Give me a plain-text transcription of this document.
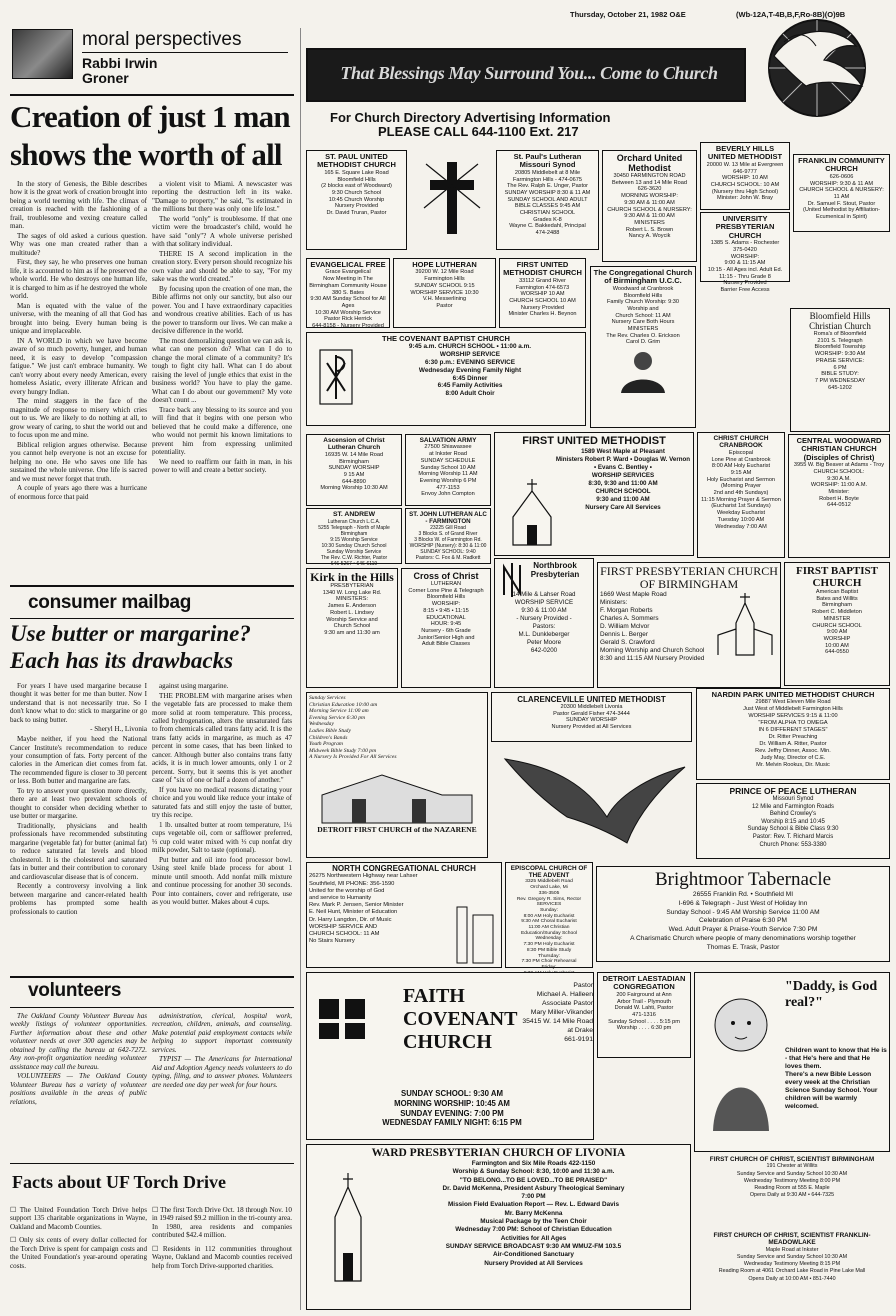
Thursday, October 21, 1982 O&E	(Wb-12A,T-4B,B,F,Ro-8B)(O)9B
moral perspectives
Rabbi Irwin
Groner
Creation of just 1 man
shows the worth of all

In the story of Genesis, the Bible describes how it is the great work of creation brought into being a world teeming with life. The climax of creation is reached with the fashioning of a frail, troublesome and vexing creature called man.

The sages of old asked a curious question. Why was one man created rather than a multitude?

First, they say, he who preserves one human life, it is accounted to him as if he preserved the whole world. He who destroys one human life, it is charged to him as if he destroyed the whole world.

Man is equated with the value of the universe, with the meaning of all that God has brought into being. Every human being is unique and irreplaceable.

IN A WORLD in which we have become aware of so much poverty, hunger, and human need, it is easy to develop "compassion fatigue." We just can't embrace humanity. We can't worry about every needy American, every homeless Asiatic, every illiterate African and every hungry Indian.

The mind staggers in the face of the magnitude of response to misery which cries out to us. We are likely to do nothing at all, to grow weary of caring, to shut the world out and to focus upon me and mine.

Biblical religion argues otherwise. Because you cannot help everyone is not an excuse for helping no one. He who saves one life has sustained the whole universe. One life is sacred and we must never forget that truth.

A couple of years ago there was a hurricane of enormous force that paid

a violent visit to Miami. A newscaster was reporting the destruction left in its wake. "Damage to property," he said, "is estimated in the millions but there was only one life lost."

The world "only" is troublesome. If that one victim were the broadcaster's child, would he have said "only"? A whole universe perished with that solitary individual.

THERE IS A second implication in the creation story. Every person should recognize his own value and should be able to say, "For my sake was the world created."

By focusing upon the creation of one man, the Bible affirms not only our sanctity, but also our power. You and I have extraordinary capacities and wondrous creative abilities. Each of us has the power to transform our lives. We can make a decisive difference in the world.

The most demoralizing question we can ask is, what can one person do? What can I do to change the moral climate of a community? It's tough to fight city hall. What can I do about raising the level of jungle ethics that exist in the business world? You have to play the game. What can I do about our government? My vote doesn't count ...

Trace back any blessing to its source and you will find that it begins with one person who believed that he could make a difference, one who would not permit his known limitations to prevent him from expressing unlimited potentiality.

We need to reaffirm our faith in man, in his power to will and create a better society.

consumer mailbag
Use butter or margarine?
Each has its drawbacks

For years I have used margarine because I thought it was better for me than butter. Now I understand that is not necessarily true. So I don't know what to do: stick to margarine or go back to using butter.

- Sheryl H., Livonia

Maybe neither, if you heed the National Cancer Institute's recommendation to reduce your consumption of fats. Forty percent of the calories in the American diet comes from fat. The recommended figure is closer to 30 percent or less. Both butter and margarine are fats.

To try to answer your question more directly, there are at least two prevalent schools of thought to consider when deciding whether to use butter or margarine.

Traditionally, physicians and health professionals have recommended substituting margarine (vegetable fat) for butter (animal fat) to reduce saturated fat levels and blood cholesterol. It is the cholesterol and saturated fats in butter and their contribution to coronary and cardiovascular disease that is of concern.

Recently a controversy involving a link between margarine and cancer-related health problems has prompted some health professionals to caution

against using margarine.

THE PROBLEM with margarine arises when the vegetable fats are processed to make them more solid at room temperature. This process, called hydrogenation, alters the unsaturated fats to from chemicals called trans fatty acid. It is the trans fatty acids in margarine, as much as 47 percent in some cases, that has been linked to cancer. Although butter also contains trans fatty acids, it is in much lower amounts, only 1 or 2 percent. Sorry, but it seems this is yet another case of "six of one or half a dozen of another."

If you have no medical reasons dictating your choice and you would like reduce your intake of saturated fats and still enjoy the taste of butter, try this recipe.

1 lb. unsalted butter at room temperature, 1¼ cups vegetable oil, corn or safflower preferred, ⅓ cup cold water mixed with ⅓ cup nonfat dry milk powder, Salt to taste (optional).

Put butter and oil into food processor bowl. Using steel knife blade process for about 1 minute until smooth. Add nonfat milk mixture and continue processing for another 30 seconds. Pour into containers, cover and refrigerate, use as you would butter. Makes about 4 cups.

volunteers

The Oakland County Volunteer Bureau has weekly listings of volunteer opportunities. Further information about these and other volunteer needs at over 300 agencies may be obtained by calling the bureau at 642-7272. Any non-profit organization needing volunteer assistance may call the bureau.

VOLUNTEERS — The Oakland County Volunteer Bureau has a variety of volunteer positions available in the areas of public relations,

administration, clerical, hospital work, recreation, children, animals, and counseling. Make potential paid employment contacts while helping to support important community services.

TYPIST — The Americans for International Aid and Adoption Agency needs volunteers to do typing, filing, and to answer phones. Volunteers are needed one day per week for four hours.

Facts about UF Torch Drive

☐ The United Foundation Torch Drive helps support 135 charitable organizations in Wayne, Oakland and Macomb Counties.

☐ Only six cents of every dollar collected for the Torch Drive is spent for campaign costs and the United Foundation's year-around operating costs.

☐ The first Torch Drive Oct. 18 through Nov. 10 in 1949 raised $9.2 million in the tri-county area. In 1980, area residents and companies contributed $42.4 million.

☐ Residents in 112 communities throughout Wayne, Oakland and Macomb counties received help from Torch Drive-supported charities.

That Blessings May Surround You... Come to Church
For Church Directory Advertising Information
PLEASE CALL 644-1100 Ext. 217
ST. PAUL UNITED METHODIST CHURCH
165 E. Square Lake Road
Bloomfield Hills
(2 blocks east of Woodward)
9:30 Church School
10:45 Church Worship
Nursery Provided
Dr. David Truran, Pastor
St. Paul's Lutheran Missouri Synod
20805 Middlebelt at 8 Mile
Farmington Hills - 474-0675
The Rev. Ralph E. Unger, Pastor
SUNDAY WORSHIP 8:30 & 11 AM
SUNDAY SCHOOL AND ADULT
BIBLE CLASSES 9:45 AM
CHRISTIAN SCHOOL
Grades K-8
Wayne C. Bakkedahl, Principal
474-2488
Orchard United Methodist
30450 FARMINGTON ROAD
Between 13 and 14 Mile Road
626-3620
MORNING WORSHIP:
9:30 AM & 11:00 AM
CHURCH SCHOOL & NURSERY:
9:30 AM & 11:00 AM
MINISTERS
Robert L. S. Brown
Nancy A. Woycik
BEVERLY HILLS UNITED METHODIST
20000 W. 13 Mile at Evergreen
646-9777
WORSHIP: 10 AM
CHURCH SCHOOL: 10 AM
(Nursery thru High School)
Minister: John W. Bray
FRANKLIN COMMUNITY CHURCH
626-0606
WORSHIP: 9:30 & 11 AM
CHURCH SCHOOL & NURSERY: 11 AM
Dr. Samuel F. Stout, Pastor
(United Methodist by Affiliation- Ecumenical in Spirit)
UNIVERSITY PRESBYTERIAN CHURCH
1385 S. Adams - Rochester
375-0420
WORSHIP:
9:00 & 11:15 AM
10:15 - All Ages incl. Adult Ed.
11:15 - Thru Grade 8
Nursery Provided
Barrier Free Access
EVANGELICAL FREE
Grace Evangelical
Now Meeting in The
Birmingham Community House
380 S. Bates
9:30 AM Sunday School for All Ages
10:30 AM Worship Service
Pastor Rick Herrick
644-8158 - Nursery Provided
HOPE LUTHERAN
39200 W. 12 Mile Road
Farmington Hills
SUNDAY SCHOOL 9:15
WORSHIP SERVICE 10:30
V.H. Messerlining
Pastor
FIRST UNITED METHODIST CHURCH
33112 Grand River
Farmington 474-6573
WORSHIP 10 AM
CHURCH SCHOOL 10 AM
Nursery Provided
Minister Charles H. Beynon
The Congregational Church of Birmingham U.C.C.
Woodward at Cranbrook
Bloomfield Hills
Family Church Worship: 9:30
Worship and
Church School: 11 AM
Nursery Care Both Hours
MINISTERS
The Rev. Charles O. Erickson
Carol D. Grim
Bloomfield Hills Christian Church
Roma's of Bloomfield
2101 S. Telegraph
Bloomfield Township
WORSHIP: 9:30 AM
PRAISE SERVICE:
6 PM
BIBLE STUDY:
7 PM WEDNESDAY
645-1202
THE COVENANT BAPTIST CHURCH
9:45 a.m. CHURCH SCHOOL • 11:00 a.m.
WORSHIP SERVICE
6:30 p.m.: EVENING SERVICE
Wednesday Evening Family Night
6:45 Dinner
6:45 Family Activities
8:00 Adult Choir
Ascension of Christ Lutheran Church
16935 W. 14 Mile Road
Birmingham
SUNDAY WORSHIP
9 15 AM
644-8890
Morning Worship 10:30 AM
SALVATION ARMY
27500 Shiawassee
at Inkster Road
SUNDAY SCHEDULE
Sunday School 10 AM
Morning Worship 11 AM
Evening Worship 6 PM
477-1153
Envoy John Compton
FIRST UNITED METHODIST
1589 West Maple at Pleasant
Ministers Robert P. Ward • Douglas W. Vernon
• Evans C. Bentley •
WORSHIP SERVICES
8:30, 9:30 and 11:00 AM
CHURCH SCHOOL
9:30 and 11:00 AM
Nursery Care All Services
CHRIST CHURCH CRANBROOK
Episcopal
Lone Pine at Cranbrook
8:00 AM Holy Eucharist
9:15 AM
Holy Eucharist and Sermon
(Morning Prayer
2nd and 4th Sundays)
11:15 Morning Prayer & Sermon
(Eucharist 1st Sundays)
Weekday Eucharist
Tuesday 10:00 AM
Wednesday 7:00 AM
CENTRAL WOODWARD CHRISTIAN CHURCH (Disciples of Christ)
3955 W. Big Beaver at Adams - Troy
CHURCH SCHOOL:
9:30 A.M.
WORSHIP: 11:00 A.M.
Minister:
Robert H. Boyte
644-0512
ST. ANDREW
Lutheran Church L.C.A.
5255 Telegraph - North of Maple
Birmingham
9:15 Worship Service
10:30 Sunday Church School
Sunday Worship Service
The Rev. C.W. Richter, Pastor
646-5267 • 646-6119
ST. JOHN LUTHERAN ALC - FARMINGTON
23225 Gill Road
3 Blocks S. of Grand River
3 Blocks W. of Farmington Rd.
WORSHIP (Nursery): 8:30 & 11:00
SUNDAY SCHOOL: 9:40
Pastors: C. Fox & M. Radkett
Kirk in the Hills
PRESBYTERIAN
1340 W. Long Lake Rd.
MINISTERS:
James E. Anderson
Robert L. Lindsey
Worship Service and
Church School
9:30 am and 11:30 am
Cross of Christ
LUTHERAN
Corner Lone Pine & Telegraph
Bloomfield Hills
WORSHIP:
8:15 • 9:45 • 11:15
EDUCATIONAL
HOUR: 9:45
Nursery - 6th Grade
Junior/Senior High and
Adult Bible Classes
Northbrook Presbyterian
14 Mile & Lahser Road
WORSHIP SERVICE
9:30 & 11:00 AM
- Nursery Provided -
Pastors:
M.L. Dunkleberger
Peter Moore
642-0200
FIRST PRESBYTERIAN CHURCH OF BIRMINGHAM
1669 West Maple Road
Ministers:
F. Morgan Roberts
Charles A. Sommers
D. William Mclvor
Dennis L. Berger
Gerald S. Crawford
Morning Worship and Church School
8:30 and 11:15 AM Nursery Provided
FIRST BAPTIST CHURCH
American Baptist
Bates and Willits
Birmingham
Robert C. Middleton
MINISTER
CHURCH SCHOOL
9:00 AM
WORSHIP
10:00 AM
644-0550
Sunday Services
Christian Education 10:00 am
Morning Service 11:00 am
Evening Service 6:30 pm
Wednesday
Ladies Bible Study
Children's Bands
Youth Program
Midweek Bible Study 7:00 pm
A Nursery Is Provided For All Services
DETROIT FIRST CHURCH of the NAZARENE
CLARENCEVILLE UNITED METHODIST
20300 Middlebelt Livonia
Pastor Gerald Fisher 474-3444
SUNDAY WORSHIP
Nursery Provided at All Services
NARDIN PARK UNITED METHODIST CHURCH
29887 West Eleven Mile Road
Just West of Middlebelt Farmington Hills
WORSHIP SERVICES 9:15 & 11:00
"FROM ALPHA TO OMEGA
IN 6 DIFFERENT STAGES"
Dr. Ritter Preaching
Dr. William A. Ritter, Pastor
Rev. Jeffry Dinner, Assoc. Min.
Judy May, Director of C.E.
Mr. Melvin Rookus, Dir. Music
PRINCE OF PEACE LUTHERAN
Missouri Synod
12 Mile and Farmington Roads
Behind Crowley's
Worship 8:15 and 10:45
Sunday School & Bible Class 9:30
Pastor: Rev. T. Richard Marcis
Church Phone: 553-3380
NORTH CONGREGATIONAL CHURCH
26275 Northwestern Highway near Lahser
Southfield, MI PHONE: 356-1590
United for the worship of God
and service to Humanity
Rev. Mark P. Jensen, Senior Minister
E. Neil Hunt, Minister of Education
Dr. Harry Langdon, Dir. of Music
WORSHIP SERVICE AND
CHURCH SCHOOL: 11 AM
No Stairs Nursery
EPISCOPAL CHURCH OF THE ADVENT
3325 Middlebelt Road
Orchard Lake, Mi
336-3505
Rev. Gregory R. Sims, Rector
SERVICES
Sunday:
8:00 AM Holy Eucharist
9:30 AM Choral Eucharist
11:00 AM Christian
Education/Sunday School
Wednesday:
7:30 PM Holy Eucharist
8:30 PM Bible Study
Thursday:
7:30 PM Choir Rehearsal
Friday:

Brightmoor Tabernacle
26555 Franklin Rd. • Southfield MI
I-696 & Telegraph - Just West of Holiday Inn
Sunday School - 9:45 AM Worship Service 11:00 AM
Celebration of Praise 6:30 PM
Wed. Adult Prayer & Praise-Youth Service 7:30 PM
A Charismatic Church where people of many denominations worship together
Thomas E. Trask, Pastor
FAITH COVENANT CHURCH
Pastor
Michael A. Halleen
Associate Pastor
Mary Miller-Vikander
35415 W. 14 Mile Road
at Drake
661-9191
SUNDAY SCHOOL: 9:30 AM
MORNING WORSHIP: 10:45 AM
SUNDAY EVENING: 7:00 PM
WEDNESDAY FAMILY NIGHT: 6:15 PM
DETROIT LAESTADIAN CONGREGATION
200 Fairground at Ann
Arbor Trail - Plymouth
Donald W. Lahti, Pastor
471-1316
Sunday School . . . . 5:15 pm
Worship . . . . 6:30 pm
"Daddy, is God real?"
Children want to know that He is - that He's here and that He loves them.
There's a new Bible Lesson every week at the Christian Science Sunday School. Your children will be warmly welcomed.
FIRST CHURCH OF CHRIST, SCIENTIST BIRMINGHAM
191 Chester at Willits
Sunday Service and Sunday School 10:30 AM
Wednesday Testimony Meeting 8:00 PM
Reading Room at 555 E. Maple
Opens Daily at 9:30 AM • 644-7325
FIRST CHURCH OF CHRIST, SCIENTIST FRANKLIN-MEADOWLAKE
Maple Road at Inkster
Sunday Service and Sunday School 10:30 AM
Wednesday Testimony Meeting 8:15 PM
Reading Room at 4061 Orchard Lake Road in Pine Lake Mall
Opens Daily at 10:00 AM • 851-7440
WARD PRESBYTERIAN CHURCH OF LIVONIA
Farmington and Six Mile Roads 422-1150
Worship & Sunday School: 8:30, 10:00 and 11:30 a.m.
"TO BELONG...TO BE LOVED...TO BE PRAISED"
Dr. David McKenna, President Asbury Theological Seminary
7:00 PM
Mission Field Evaluation Report — Rev. L. Edward Davis
Mr. Barry McKenna
Musical Package by the Teen Choir
Wednesday 7:00 PM: School of Christian Education
Activities for All Ages
SUNDAY SERVICE BROADCAST 9:30 AM WMUZ-FM 103.5
Air-Conditioned Sanctuary
Nursery Provided at All Services
